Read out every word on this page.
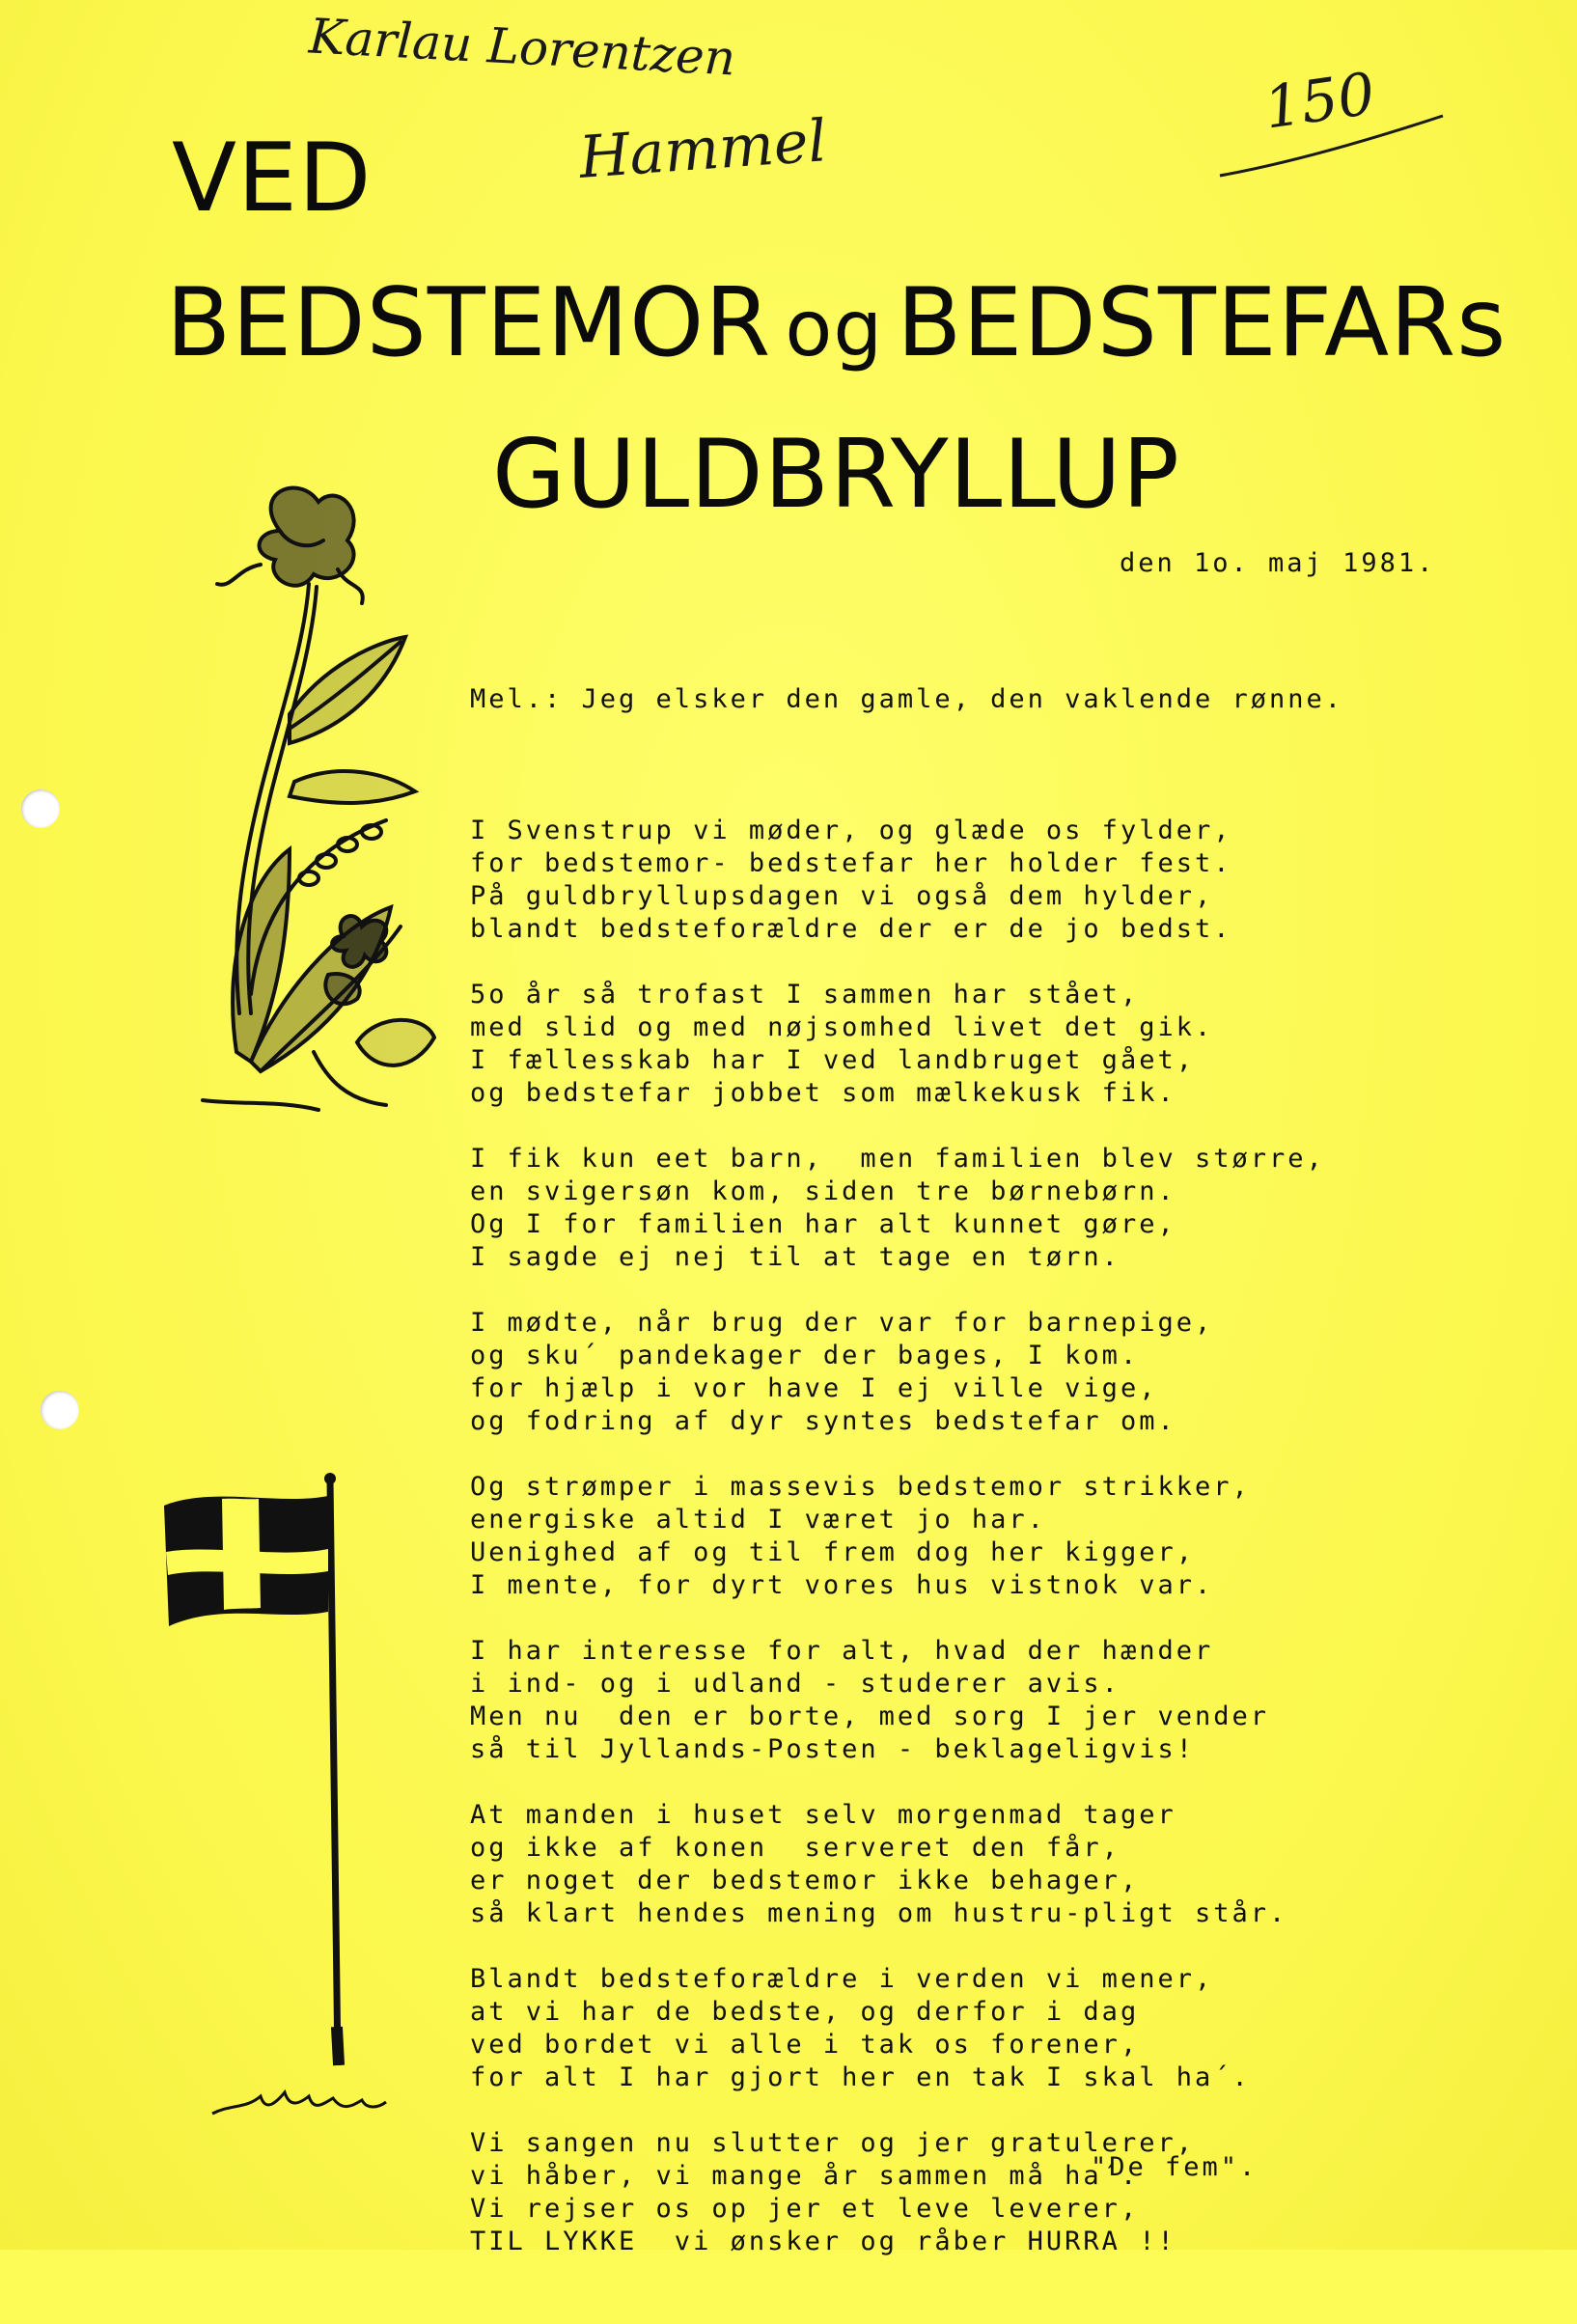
Karlau Lorentzen
Hammel
150
VED
BEDSTEMOR og BEDSTEFARs
GULDBRYLLUP
den 1o. maj 1981.

Mel.: Jeg elsker den gamle, den vaklende rønne.

I Svenstrup vi møder, og glæde os fylder,
for bedstemor- bedstefar her holder fest.
På guldbryllupsdagen vi også dem hylder,
blandt bedsteforældre der er de jo bedst.
5o år så trofast I sammen har stået,
med slid og med nøjsomhed livet det gik.
I fællesskab har I ved landbruget gået,
og bedstefar jobbet som mælkekusk fik.
I fik kun eet barn,  men familien blev større,
en svigersøn kom, siden tre børnebørn.
Og I for familien har alt kunnet gøre,
I sagde ej nej til at tage en tørn.
I mødte, når brug der var for barnepige,
og sku´ pandekager der bages, I kom.
for hjælp i vor have I ej ville vige,
og fodring af dyr syntes bedstefar om.
Og strømper i massevis bedstemor strikker,
energiske altid I været jo har.
Uenighed af og til frem dog her kigger,
I mente, for dyrt vores hus vistnok var.
I har interesse for alt, hvad der hænder
i ind- og i udland - studerer avis.
Men nu  den er borte, med sorg I jer vender
så til Jyllands-Posten - beklageligvis!
At manden i huset selv morgenmad tager
og ikke af konen  serveret den får,
er noget der bedstemor ikke behager,
så klart hendes mening om hustru-pligt står.
Blandt bedsteforældre i verden vi mener,
at vi har de bedste, og derfor i dag
ved bordet vi alle i tak os forener,
for alt I har gjort her en tak I skal ha´.
Vi sangen nu slutter og jer gratulerer,
vi håber, vi mange år sammen må ha´.
Vi rejser os op jer et leve leverer,
TIL LYKKE  vi ønsker og råber HURRA !!

"De fem".
